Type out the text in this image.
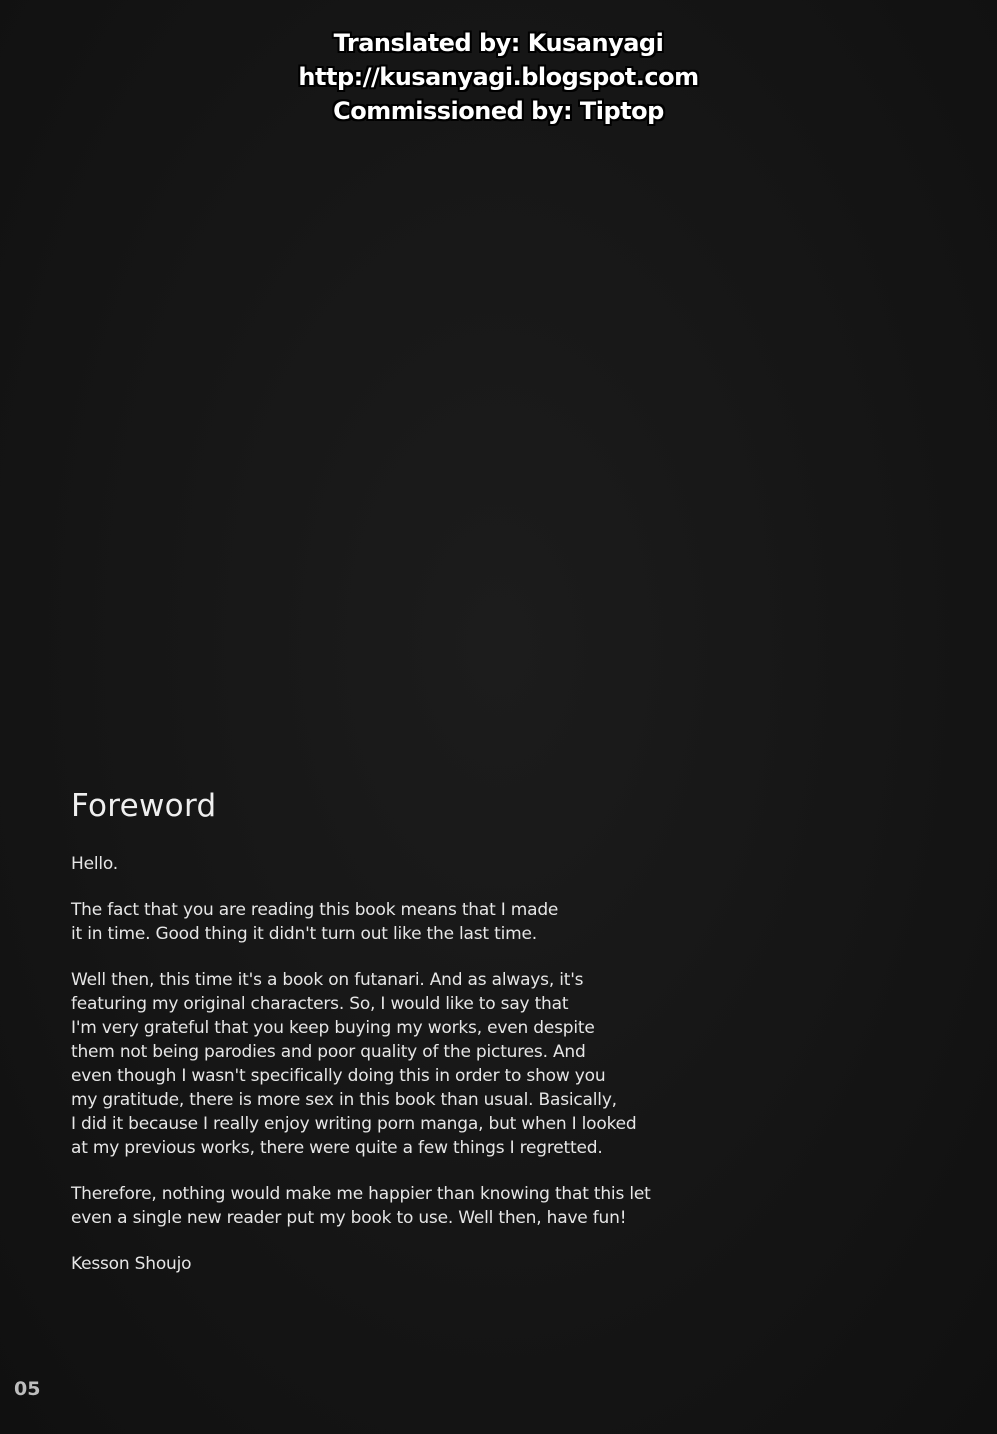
Translated by: Kusanyagi
http://kusanyagi.blogspot.com
Commissioned by: Tiptop
Foreword

Hello.

The fact that you are reading this book means that I made
it in time. Good thing it didn't turn out like the last time.

Well then, this time it's a book on futanari. And as always, it's
featuring my original characters. So, I would like to say that
I'm very grateful that you keep buying my works, even despite
them not being parodies and poor quality of the pictures. And
even though I wasn't specifically doing this in order to show you
my gratitude, there is more sex in this book than usual. Basically,
I did it because I really enjoy writing porn manga, but when I looked
at my previous works, there were quite a few things I regretted.

Therefore, nothing would make me happier than knowing that this let
even a single new reader put my book to use. Well then, have fun!

Kesson Shoujo

05
